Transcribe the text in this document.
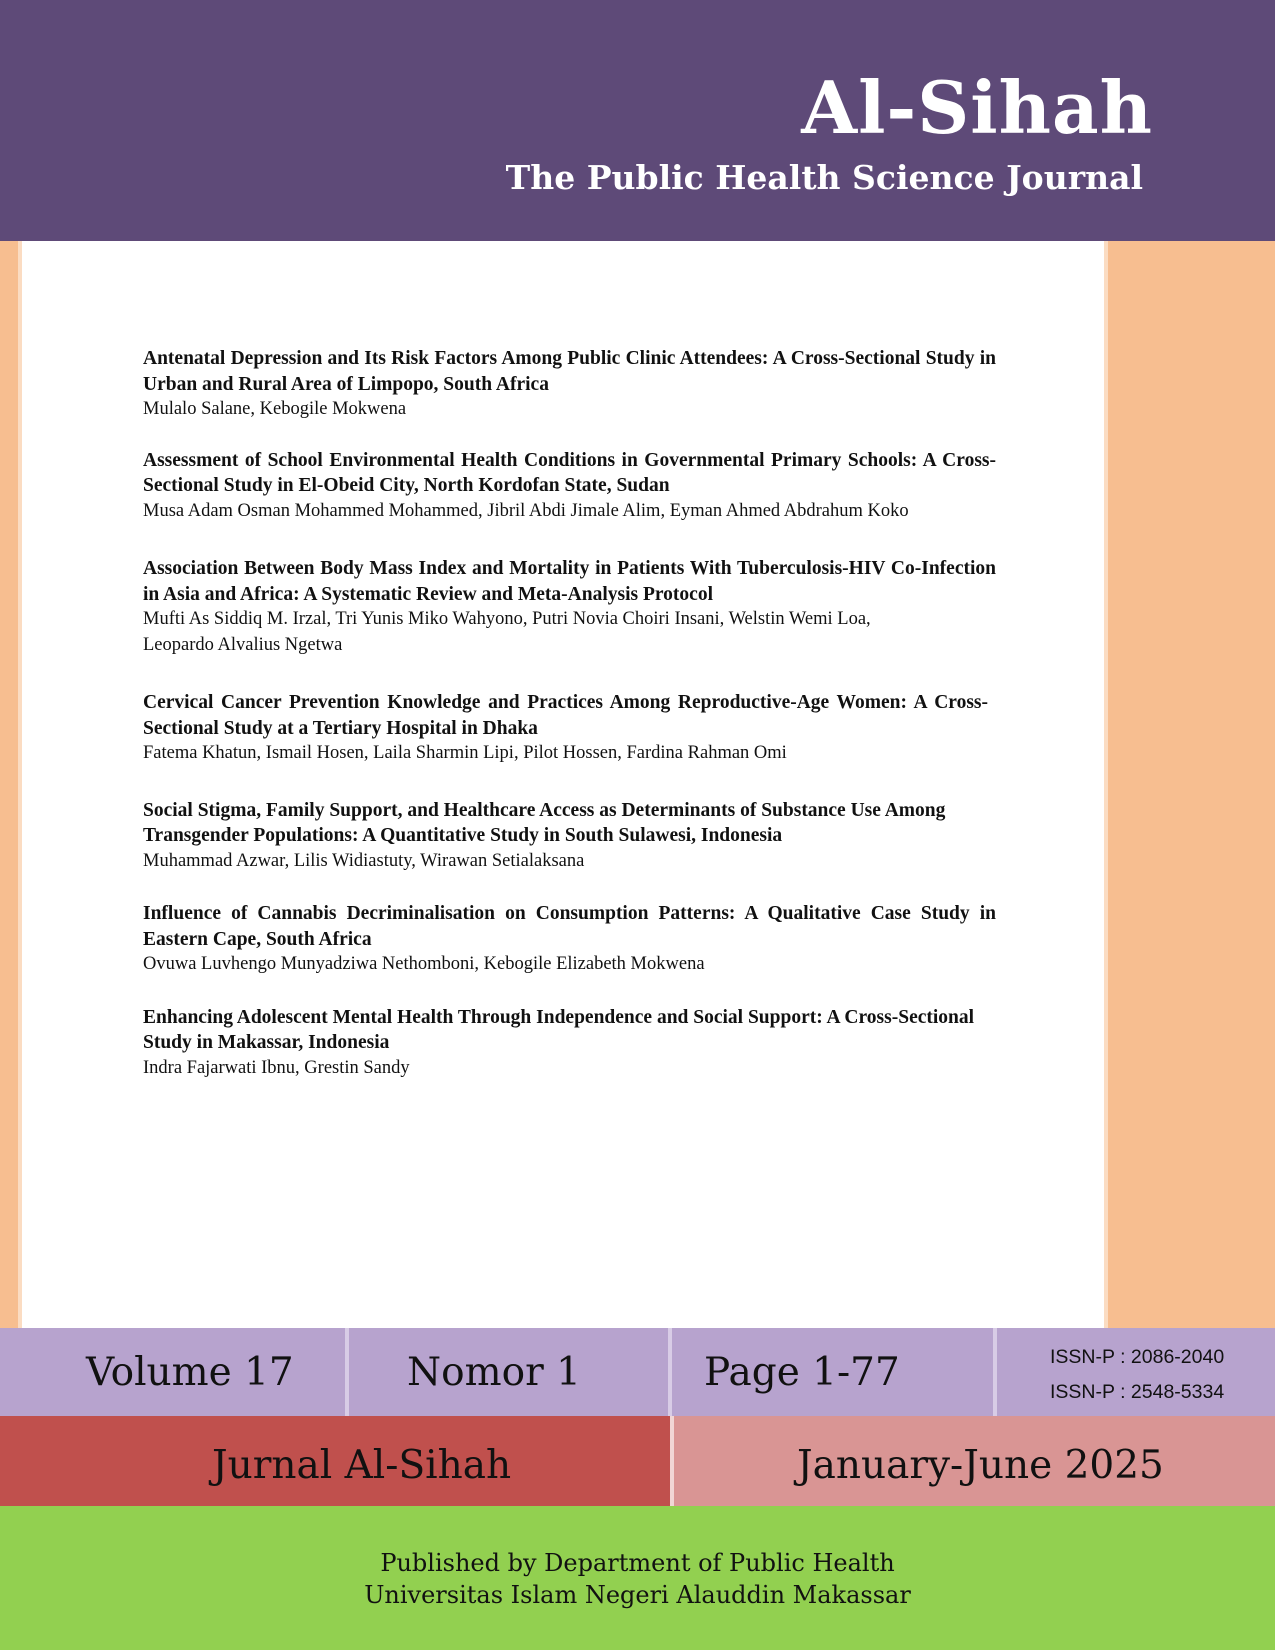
Al-Sihah
The Public Health Science Journal
Antenatal Depression and Its Risk Factors Among Public Clinic Attendees: A Cross-Sectional Study in Urban and Rural Area of Limpopo, South Africa
Mulalo Salane, Kebogile Mokwena
Assessment of School Environmental Health Conditions in Governmental Primary Schools: A Cross-Sectional Study in El-Obeid City, North Kordofan State, Sudan
Musa Adam Osman Mohammed Mohammed, Jibril Abdi Jimale Alim, Eyman Ahmed Abdrahum Koko
Association Between Body Mass Index and Mortality in Patients With Tuberculosis-HIV Co-Infection in Asia and Africa: A Systematic Review and Meta-Analysis Protocol
Mufti As Siddiq M. Irzal, Tri Yunis Miko Wahyono, Putri Novia Choiri Insani, Welstin Wemi Loa, Leopardo Alvalius Ngetwa
Cervical Cancer Prevention Knowledge and Practices Among Reproductive-Age Women: A Cross-Sectional Study at a Tertiary Hospital in Dhaka
Fatema Khatun, Ismail Hosen, Laila Sharmin Lipi, Pilot Hossen, Fardina Rahman Omi
Social Stigma, Family Support, and Healthcare Access as Determinants of Substance Use Among Transgender Populations: A Quantitative Study in South Sulawesi, Indonesia
Muhammad Azwar, Lilis Widiastuty, Wirawan Setialaksana
Influence of Cannabis Decriminalisation on Consumption Patterns: A Qualitative Case Study in Eastern Cape, South Africa
Ovuwa Luvhengo Munyadziwa Nethomboni, Kebogile Elizabeth Mokwena
Enhancing Adolescent Mental Health Through Independence and Social Support: A Cross-Sectional Study in Makassar, Indonesia
Indra Fajarwati Ibnu, Grestin Sandy
Volume 17	Nomor 1	Page 1-77	ISSN-P : 2086-2040
ISSN-P : 2548-5334
Jurnal Al-Sihah	January-June 2025
Published by Department of Public Health
Universitas Islam Negeri Alauddin Makassar
